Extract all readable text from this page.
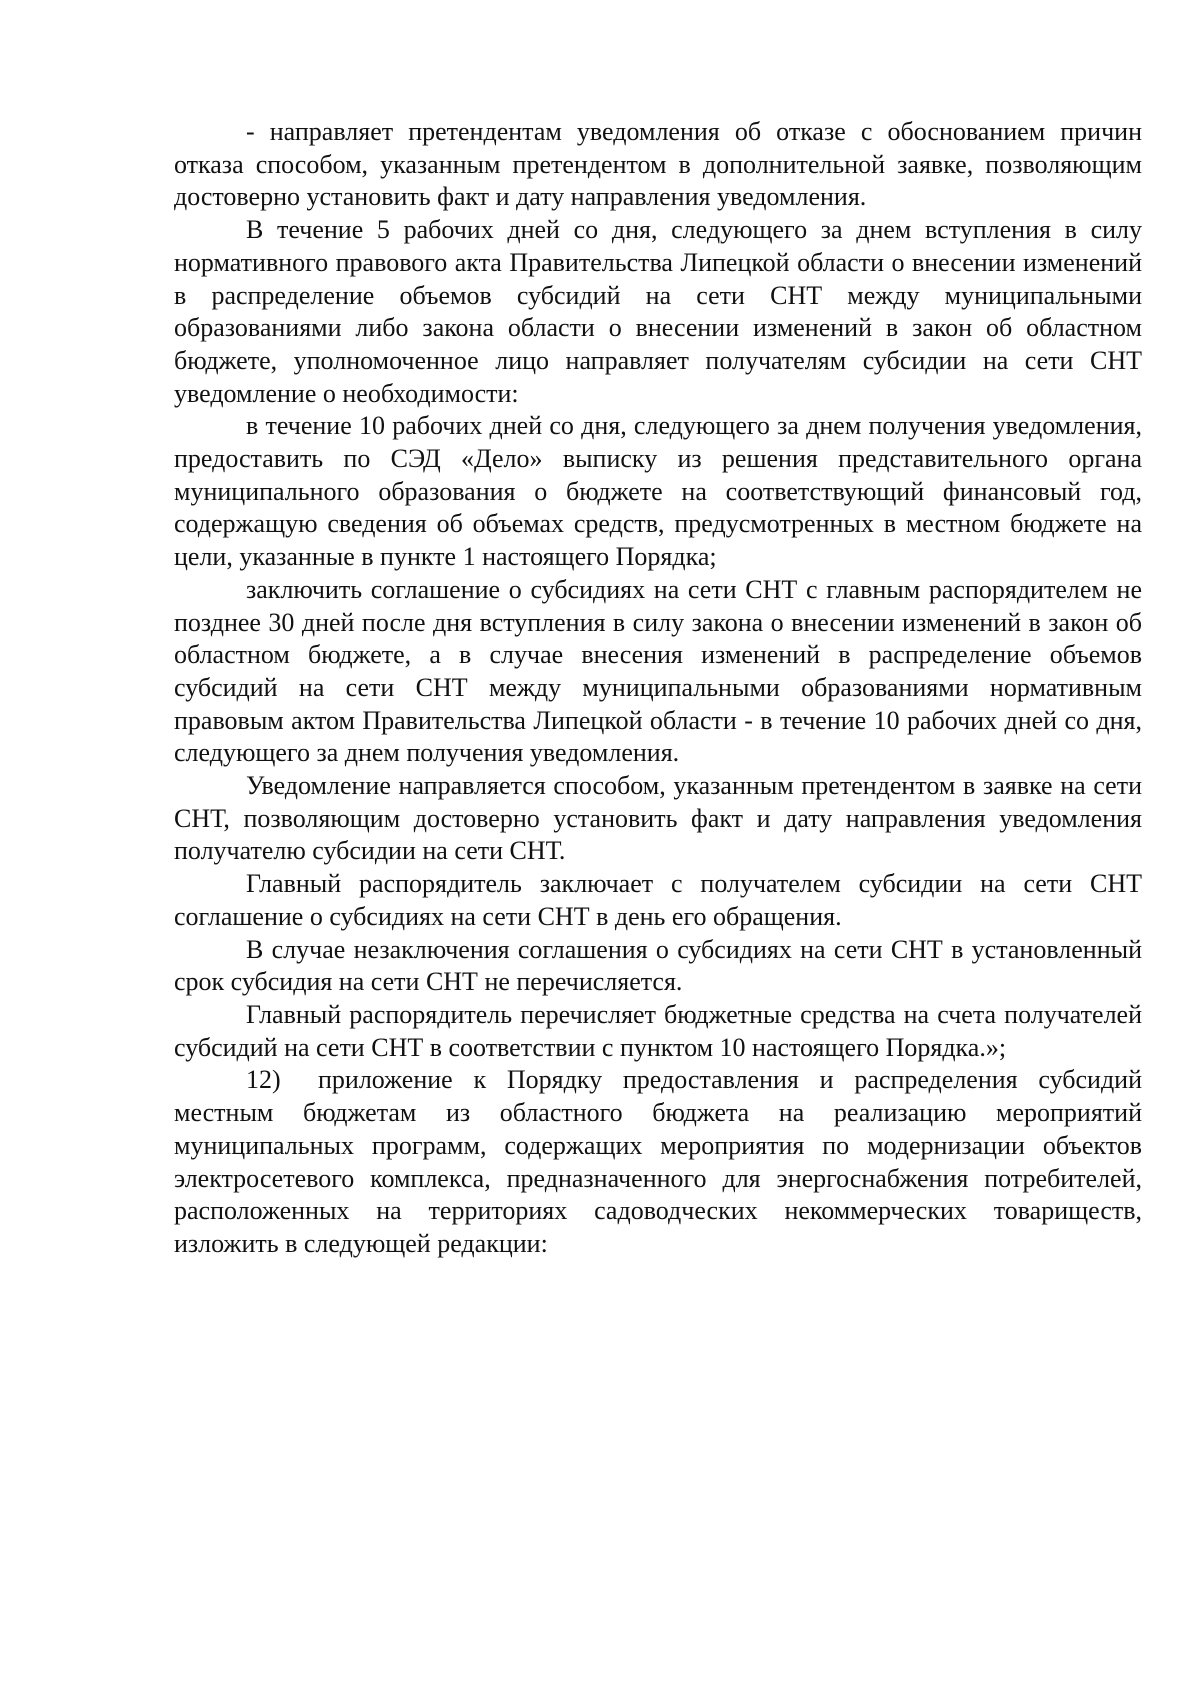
- направляет претендентам уведомления об отказе с обоснованием причин отказа способом, указанным претендентом в дополнительной заявке, позволяющим достоверно установить факт и дату направления уведомления.

В течение 5 рабочих дней со дня, следующего за днем вступления в силу нормативного правового акта Правительства Липецкой области о внесении изменений в распределение объемов субсидий на сети СНТ между муниципальными образованиями либо закона области о внесении изменений в закон об областном бюджете, уполномоченное лицо направляет получателям субсидии на сети СНТ уведомление о необходимости:

в течение 10 рабочих дней со дня, следующего за днем получения уведомления, предоставить по СЭД «Дело» выписку из решения представительного органа муниципального образования о бюджете на соответствующий финансовый год, содержащую сведения об объемах средств, предусмотренных в местном бюджете на цели, указанные в пункте 1 настоящего Порядка;

заключить соглашение о субсидиях на сети СНТ с главным распорядителем не позднее 30 дней после дня вступления в силу закона о внесении изменений в закон об областном бюджете, а в случае внесения изменений в распределение объемов субсидий на сети СНТ между муниципальными образованиями нормативным правовым актом Правительства Липецкой области - в течение 10 рабочих дней со дня, следующего за днем получения уведомления.

Уведомление направляется способом, указанным претендентом в заявке на сети СНТ, позволяющим достоверно установить факт и дату направления уведомления получателю субсидии на сети СНТ.

Главный распорядитель заключает с получателем субсидии на сети СНТ соглашение о субсидиях на сети СНТ в день его обращения.

В случае незаключения соглашения о субсидиях на сети СНТ в установленный срок субсидия на сети СНТ не перечисляется.

Главный распорядитель перечисляет бюджетные средства на счета получателей субсидий на сети СНТ в соответствии с пунктом 10 настоящего Порядка.»;

12) приложение к Порядку предоставления и распределения субсидий местным бюджетам из областного бюджета на реализацию мероприятий муниципальных программ, содержащих мероприятия по модернизации объектов электросетевого комплекса, предназначенного для энергоснабжения потребителей, расположенных на территориях садоводческих некоммерческих товариществ, изложить в следующей редакции:
